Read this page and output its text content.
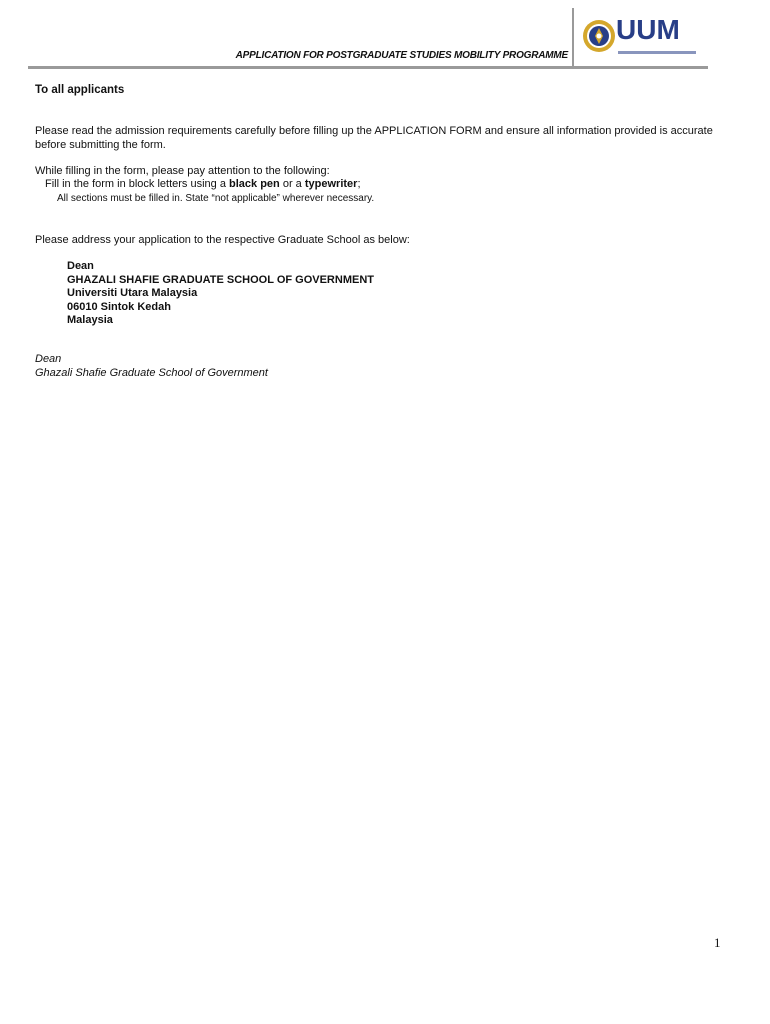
APPLICATION FOR POSTGRADUATE STUDIES MOBILITY PROGRAMME
UUM
To all applicants
Please read the admission requirements carefully before filling up the APPLICATION FORM and ensure all information provided is accurate before submitting the form.
While filling in the form, please pay attention to the following:
Fill in the form in block letters using a black pen or a typewriter;
All sections must be filled in. State “not applicable” wherever necessary.
Please address your application to the respective Graduate School as below:
Dean
GHAZALI SHAFIE GRADUATE SCHOOL OF GOVERNMENT
Universiti Utara Malaysia
06010 Sintok Kedah
Malaysia
Dean
Ghazali Shafie Graduate School of Government
1
